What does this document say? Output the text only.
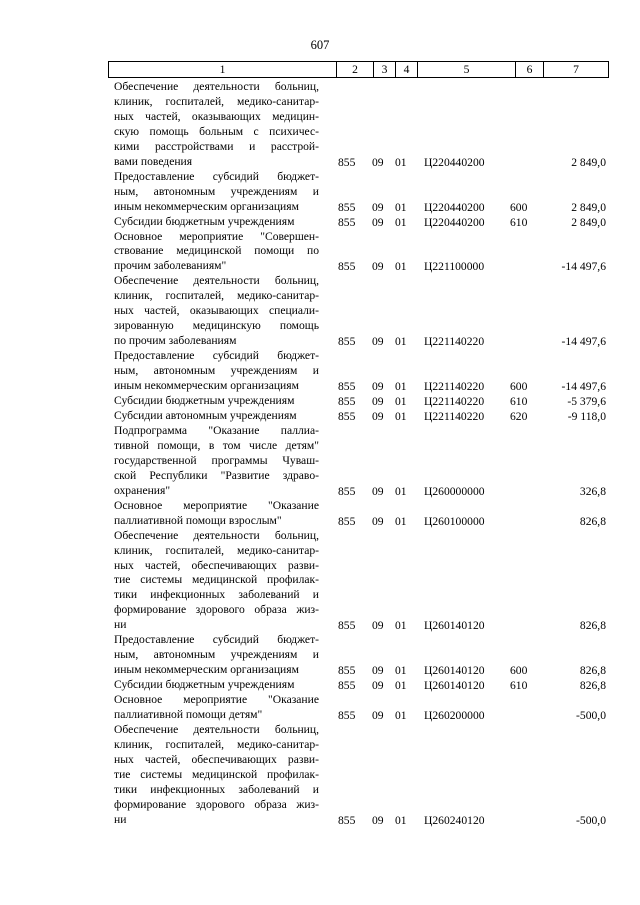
607
1	2	3	4	5	6	7
Обеспечение деятельности больниц,
клиник, госпиталей, медико-санитар-
ных частей, оказывающих медицин-
скую помощь больным с психичес-
кими расстройствами и расстрой-
вами поведения	855 09 01 Ц220440200	2 849,0
Предоставление субсидий бюджет-
ным, автономным учреждениям и
иным некоммерческим организациям	855 09 01 Ц220440200 600	2 849,0
Субсидии бюджетным учреждениям	855 09 01 Ц220440200 610	2 849,0
Основное мероприятие "Совершен-
ствование медицинской помощи по
прочим заболеваниям"	855 09 01 Ц221100000	-14 497,6
Обеспечение деятельности больниц,
клиник, госпиталей, медико-санитар-
ных частей, оказывающих специали-
зированную медицинскую помощь
по прочим заболеваниям	855 09 01 Ц221140220	-14 497,6
Предоставление субсидий бюджет-
ным, автономным учреждениям и
иным некоммерческим организациям	855 09 01 Ц221140220 600	-14 497,6
Субсидии бюджетным учреждениям	855 09 01 Ц221140220 610	-5 379,6
Субсидии автономным учреждениям	855 09 01 Ц221140220 620	-9 118,0
Подпрограмма "Оказание паллиа-
тивной помощи, в том числе детям"
государственной программы Чуваш-
ской Республики "Развитие здраво-
охранения"	855 09 01 Ц260000000	326,8
Основное мероприятие "Оказание
паллиативной помощи взрослым"	855 09 01 Ц260100000	826,8
Обеспечение деятельности больниц,
клиник, госпиталей, медико-санитар-
ных частей, обеспечивающих разви-
тие системы медицинской профилак-
тики инфекционных заболеваний и
формирование здорового образа жиз-
ни	855 09 01 Ц260140120	826,8
Предоставление субсидий бюджет-
ным, автономным учреждениям и
иным некоммерческим организациям	855 09 01 Ц260140120 600	826,8
Субсидии бюджетным учреждениям	855 09 01 Ц260140120 610	826,8
Основное мероприятие "Оказание
паллиативной помощи детям"	855 09 01 Ц260200000	-500,0
Обеспечение деятельности больниц,
клиник, госпиталей, медико-санитар-
ных частей, обеспечивающих разви-
тие системы медицинской профилак-
тики инфекционных заболеваний и
формирование здорового образа жиз-
ни	855 09 01 Ц260240120	-500,0
